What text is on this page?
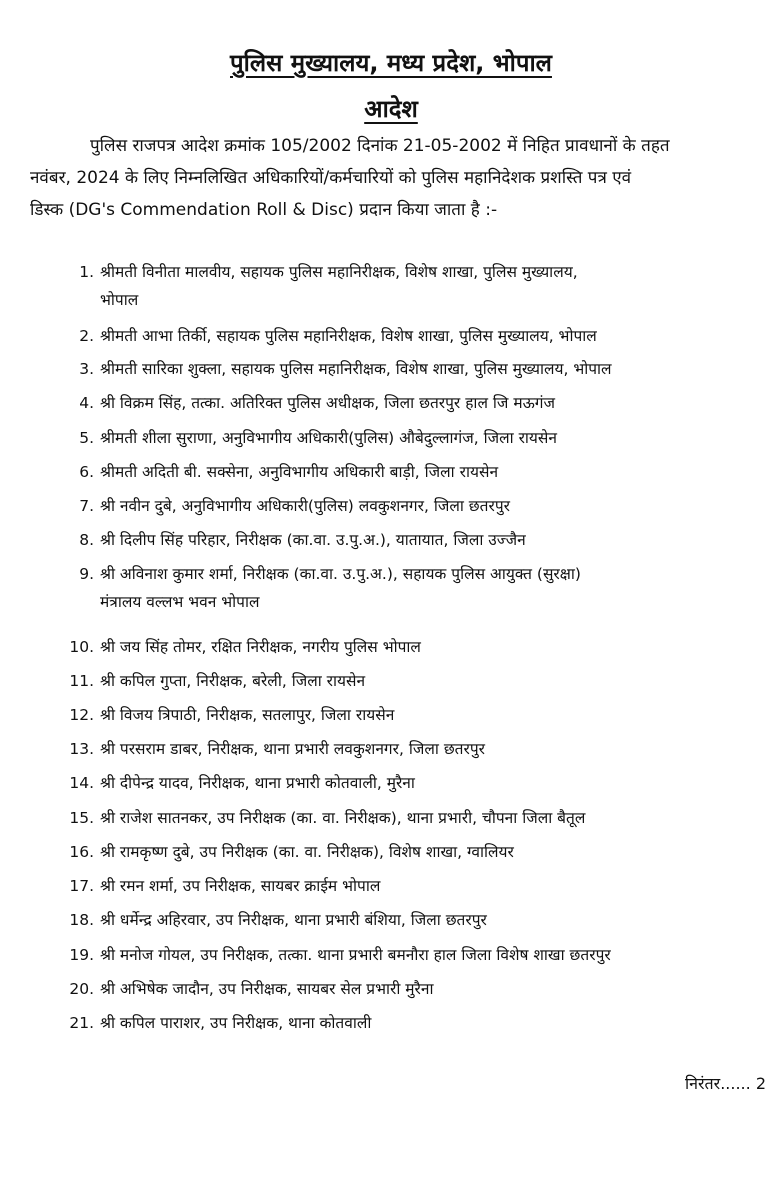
पुलिस मुख्यालय, मध्य प्रदेश, भोपाल
आदेश
पुलिस राजपत्र आदेश क्रमांक 105/2002 दिनांक 21-05-2002 में निहित प्रावधानों के तहत
नवंबर, 2024 के लिए निम्नलिखित अधिकारियों/कर्मचारियों को पुलिस महानिदेशक प्रशस्ति पत्र एवं
डिस्क (DG's Commendation Roll & Disc) प्रदान किया जाता है :-
1. श्रीमती विनीता मालवीय, सहायक पुलिस महानिरीक्षक, विशेष शाखा, पुलिस मुख्यालय,
भोपाल
2. श्रीमती आभा तिर्की, सहायक पुलिस महानिरीक्षक, विशेष शाखा, पुलिस मुख्यालय, भोपाल
3. श्रीमती सारिका शुक्ला, सहायक पुलिस महानिरीक्षक, विशेष शाखा, पुलिस मुख्यालय, भोपाल
4. श्री विक्रम सिंह, तत्का. अतिरिक्त पुलिस अधीक्षक, जिला छतरपुर हाल जि मऊगंज
5. श्रीमती शीला सुराणा, अनुविभागीय अधिकारी(पुलिस) औबेदुल्लागंज, जिला रायसेन
6. श्रीमती अदिती बी. सक्सेना, अनुविभागीय अधिकारी बाड़ी, जिला रायसेन
7. श्री नवीन दुबे, अनुविभागीय अधिकारी(पुलिस) लवकुशनगर, जिला छतरपुर
8. श्री दिलीप सिंह परिहार, निरीक्षक (का.वा. उ.पु.अ.), यातायात, जिला उज्जैन
9. श्री अविनाश कुमार शर्मा, निरीक्षक (का.वा. उ.पु.अ.), सहायक पुलिस आयुक्त (सुरक्षा)
मंत्रालय वल्लभ भवन भोपाल
10. श्री जय सिंह तोमर, रक्षित निरीक्षक, नगरीय पुलिस भोपाल
11. श्री कपिल गुप्ता, निरीक्षक, बरेली, जिला रायसेन
12. श्री विजय त्रिपाठी, निरीक्षक, सतलापुर, जिला रायसेन
13. श्री परसराम डाबर, निरीक्षक, थाना प्रभारी लवकुशनगर, जिला छतरपुर
14. श्री दीपेन्द्र यादव, निरीक्षक, थाना प्रभारी कोतवाली, मुरैना
15. श्री राजेश सातनकर, उप निरीक्षक (का. वा. निरीक्षक), थाना प्रभारी, चौपना जिला बैतूल
16. श्री रामकृष्ण दुबे, उप निरीक्षक (का. वा. निरीक्षक), विशेष शाखा, ग्वालियर
17. श्री रमन शर्मा, उप निरीक्षक, सायबर क्राईम भोपाल
18. श्री धर्मेन्द्र अहिरवार, उप निरीक्षक, थाना प्रभारी बंशिया, जिला छतरपुर
19. श्री मनोज गोयल, उप निरीक्षक, तत्का. थाना प्रभारी बमनौरा हाल जिला विशेष शाखा छतरपुर
20. श्री अभिषेक जादौन, उप निरीक्षक, सायबर सेल प्रभारी मुरैना
21. श्री कपिल पाराशर, उप निरीक्षक, थाना कोतवाली
निरंतर...... 2
